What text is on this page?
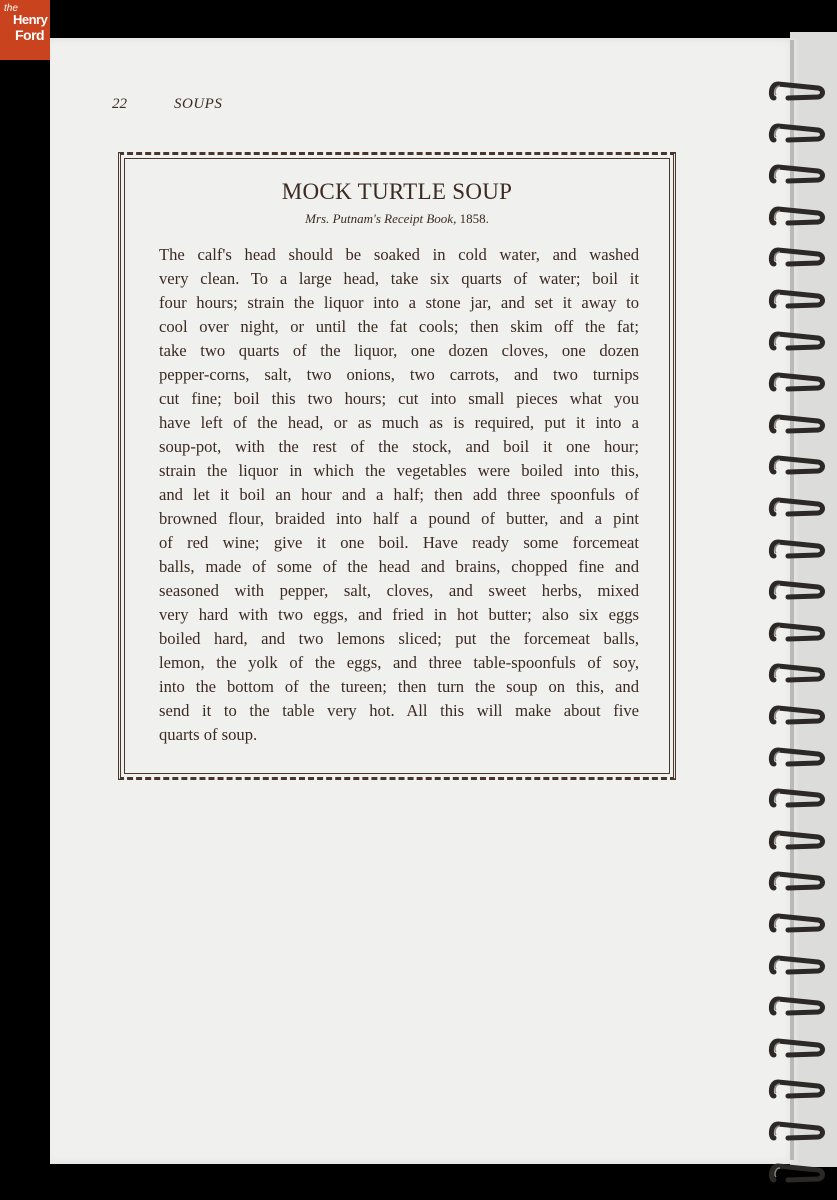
the
Henry
Ford
22	SOUPS
MOCK TURTLE SOUP
Mrs. Putnam's Receipt Book, 1858.
The calf's head should be soaked in cold water, and washed
very clean. To a large head, take six quarts of water; boil it
four hours; strain the liquor into a stone jar, and set it away to
cool over night, or until the fat cools; then skim off the fat;
take two quarts of the liquor, one dozen cloves, one dozen
pepper-corns, salt, two onions, two carrots, and two turnips
cut fine; boil this two hours; cut into small pieces what you
have left of the head, or as much as is required, put it into a
soup-pot, with the rest of the stock, and boil it one hour;
strain the liquor in which the vegetables were boiled into this,
and let it boil an hour and a half; then add three spoonfuls of
browned flour, braided into half a pound of butter, and a pint
of red wine; give it one boil. Have ready some forcemeat
balls, made of some of the head and brains, chopped fine and
seasoned with pepper, salt, cloves, and sweet herbs, mixed
very hard with two eggs, and fried in hot butter; also six eggs
boiled hard, and two lemons sliced; put the forcemeat balls,
lemon, the yolk of the eggs, and three table-spoonfuls of soy,
into the bottom of the tureen; then turn the soup on this, and
send it to the table very hot. All this will make about five
quarts of soup.
